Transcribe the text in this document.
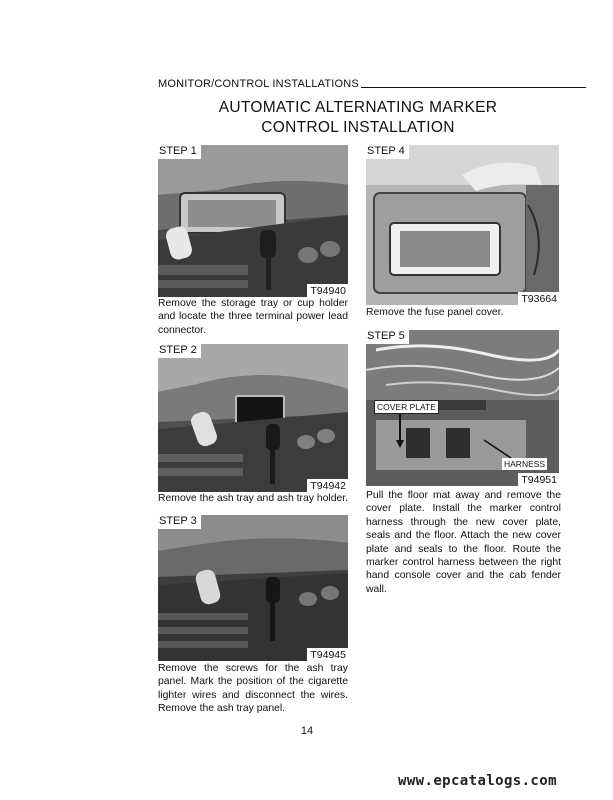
MONITOR/CONTROL INSTALLATIONS
AUTOMATIC ALTERNATING MARKER
CONTROL INSTALLATION
STEP 1
T94940

Remove the storage tray or cup holder and locate the three terminal power lead connector.

STEP 2
T94942

Remove the ash tray and ash tray holder.

STEP 3
T94945

Remove the screws for the ash tray panel. Mark the position of the cigarette lighter wires and disconnect the wires. Remove the ash tray panel.

STEP 4
T93664

Remove the fuse panel cover.

STEP 5
COVER PLATE
HARNESS
T94951

Pull the floor mat away and remove the cover plate. Install the marker control harness through the new cover plate, seals and the floor. Attach the new cover plate and seals to the floor. Route the marker control harness between the right hand console cover and the cab fender wall.

14
www.epcatalogs.com
